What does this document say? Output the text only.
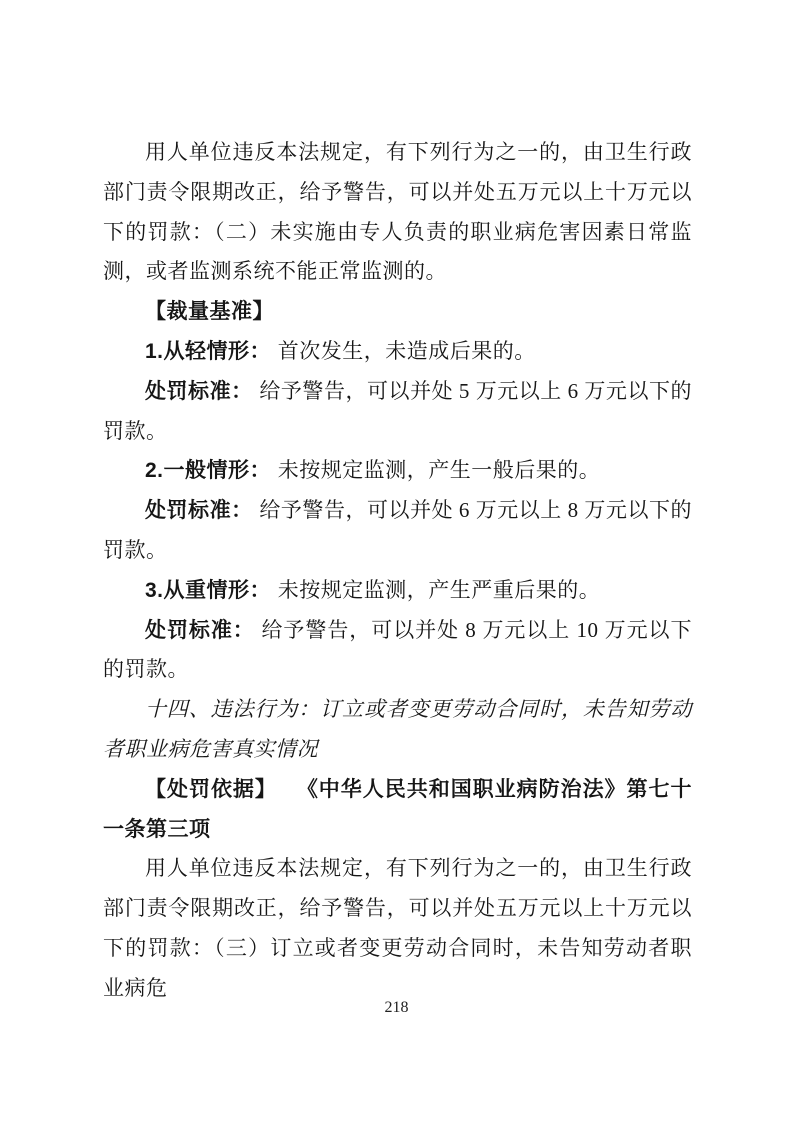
用人单位违反本法规定，有下列行为之一的，由卫生行政部门责令限期改正，给予警告，可以并处五万元以上十万元以下的罚款：（二）未实施由专人负责的职业病危害因素日常监测，或者监测系统不能正常监测的。

【裁量基准】

1.从轻情形： 首次发生，未造成后果的。

处罚标准： 给予警告，可以并处 5 万元以上 6 万元以下的罚款。

2.一般情形： 未按规定监测，产生一般后果的。

处罚标准： 给予警告，可以并处 6 万元以上 8 万元以下的罚款。

3.从重情形： 未按规定监测，产生严重后果的。

处罚标准： 给予警告，可以并处 8 万元以上 10 万元以下的罚款。

十四、违法行为：订立或者变更劳动合同时，未告知劳动者职业病危害真实情况

【处罚依据】 《中华人民共和国职业病防治法》第七十一条第三项

用人单位违反本法规定，有下列行为之一的，由卫生行政部门责令限期改正，给予警告，可以并处五万元以上十万元以下的罚款：（三）订立或者变更劳动合同时，未告知劳动者职业病危

218
